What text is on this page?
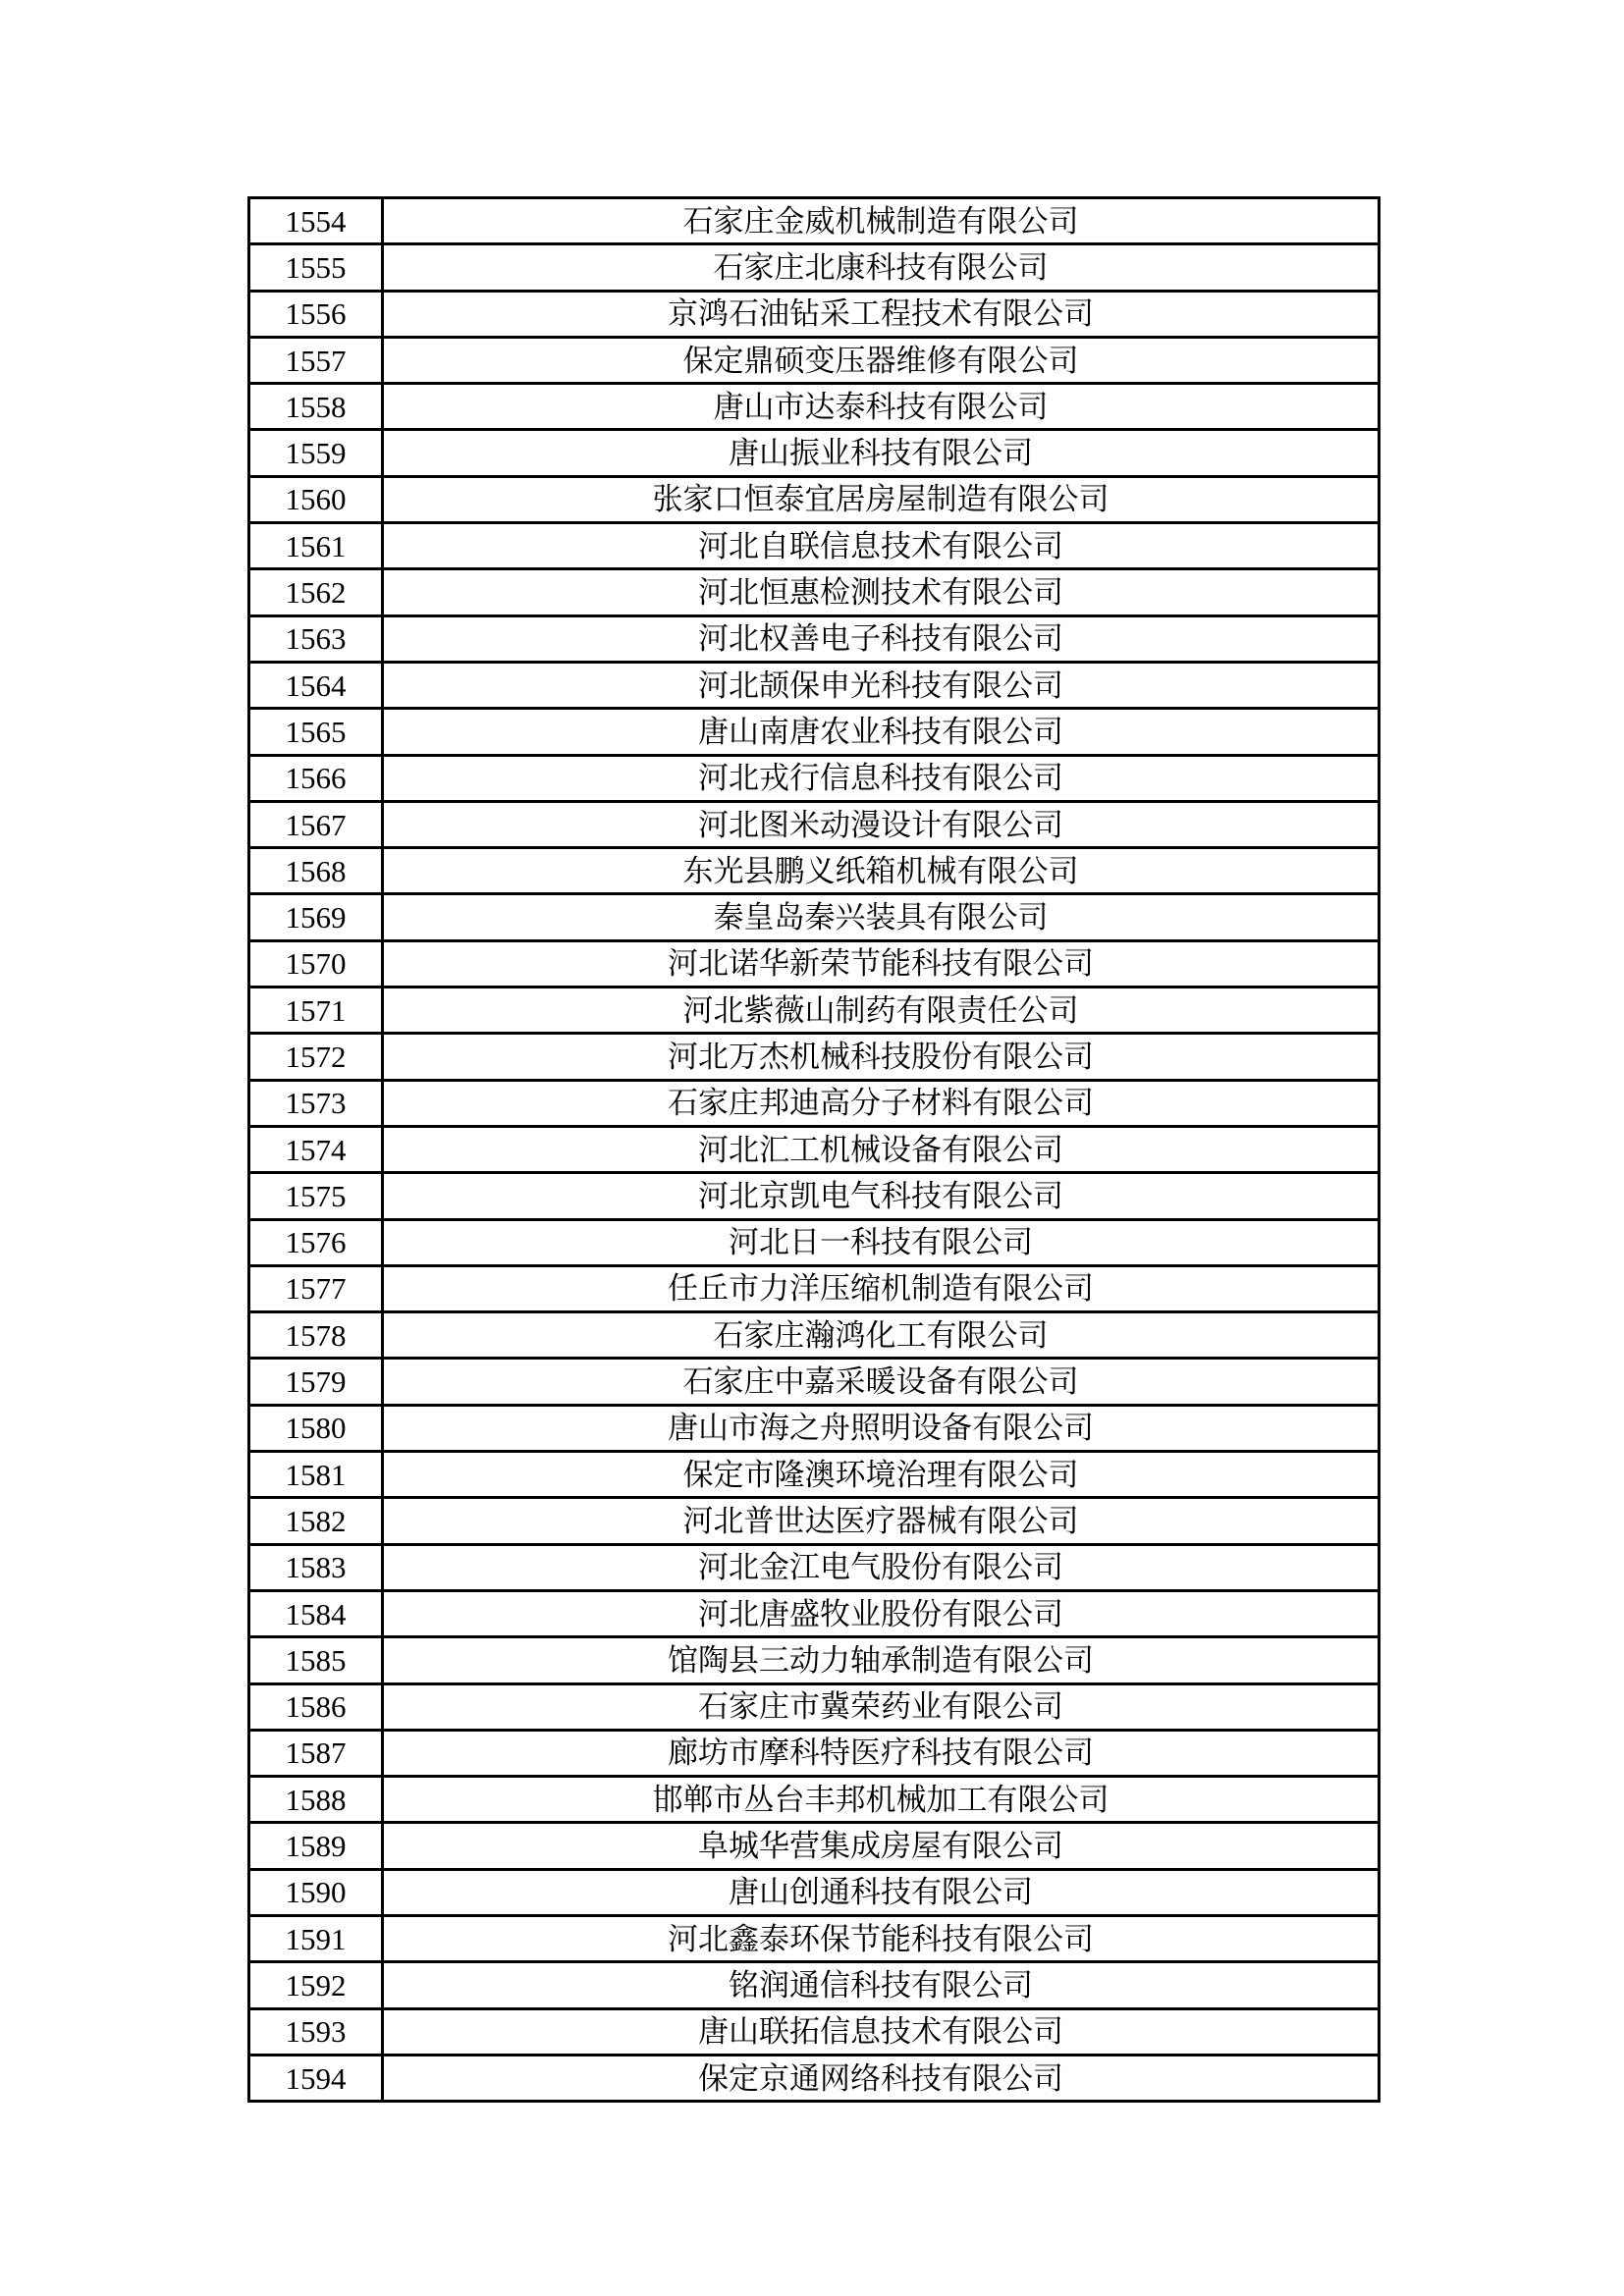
1554	石家庄金威机械制造有限公司
1555	石家庄北康科技有限公司
1556	京鸿石油钻采工程技术有限公司
1557	保定鼎硕变压器维修有限公司
1558	唐山市达泰科技有限公司
1559	唐山振业科技有限公司
1560	张家口恒泰宜居房屋制造有限公司
1561	河北自联信息技术有限公司
1562	河北恒惠检测技术有限公司
1563	河北权善电子科技有限公司
1564	河北颉保申光科技有限公司
1565	唐山南唐农业科技有限公司
1566	河北戎行信息科技有限公司
1567	河北图米动漫设计有限公司
1568	东光县鹏义纸箱机械有限公司
1569	秦皇岛秦兴装具有限公司
1570	河北诺华新荣节能科技有限公司
1571	河北紫薇山制药有限责任公司
1572	河北万杰机械科技股份有限公司
1573	石家庄邦迪高分子材料有限公司
1574	河北汇工机械设备有限公司
1575	河北京凯电气科技有限公司
1576	河北日一科技有限公司
1577	任丘市力洋压缩机制造有限公司
1578	石家庄瀚鸿化工有限公司
1579	石家庄中嘉采暖设备有限公司
1580	唐山市海之舟照明设备有限公司
1581	保定市隆澳环境治理有限公司
1582	河北普世达医疗器械有限公司
1583	河北金江电气股份有限公司
1584	河北唐盛牧业股份有限公司
1585	馆陶县三动力轴承制造有限公司
1586	石家庄市冀荣药业有限公司
1587	廊坊市摩科特医疗科技有限公司
1588	邯郸市丛台丰邦机械加工有限公司
1589	阜城华营集成房屋有限公司
1590	唐山创通科技有限公司
1591	河北鑫泰环保节能科技有限公司
1592	铭润通信科技有限公司
1593	唐山联拓信息技术有限公司
1594	保定京通网络科技有限公司
